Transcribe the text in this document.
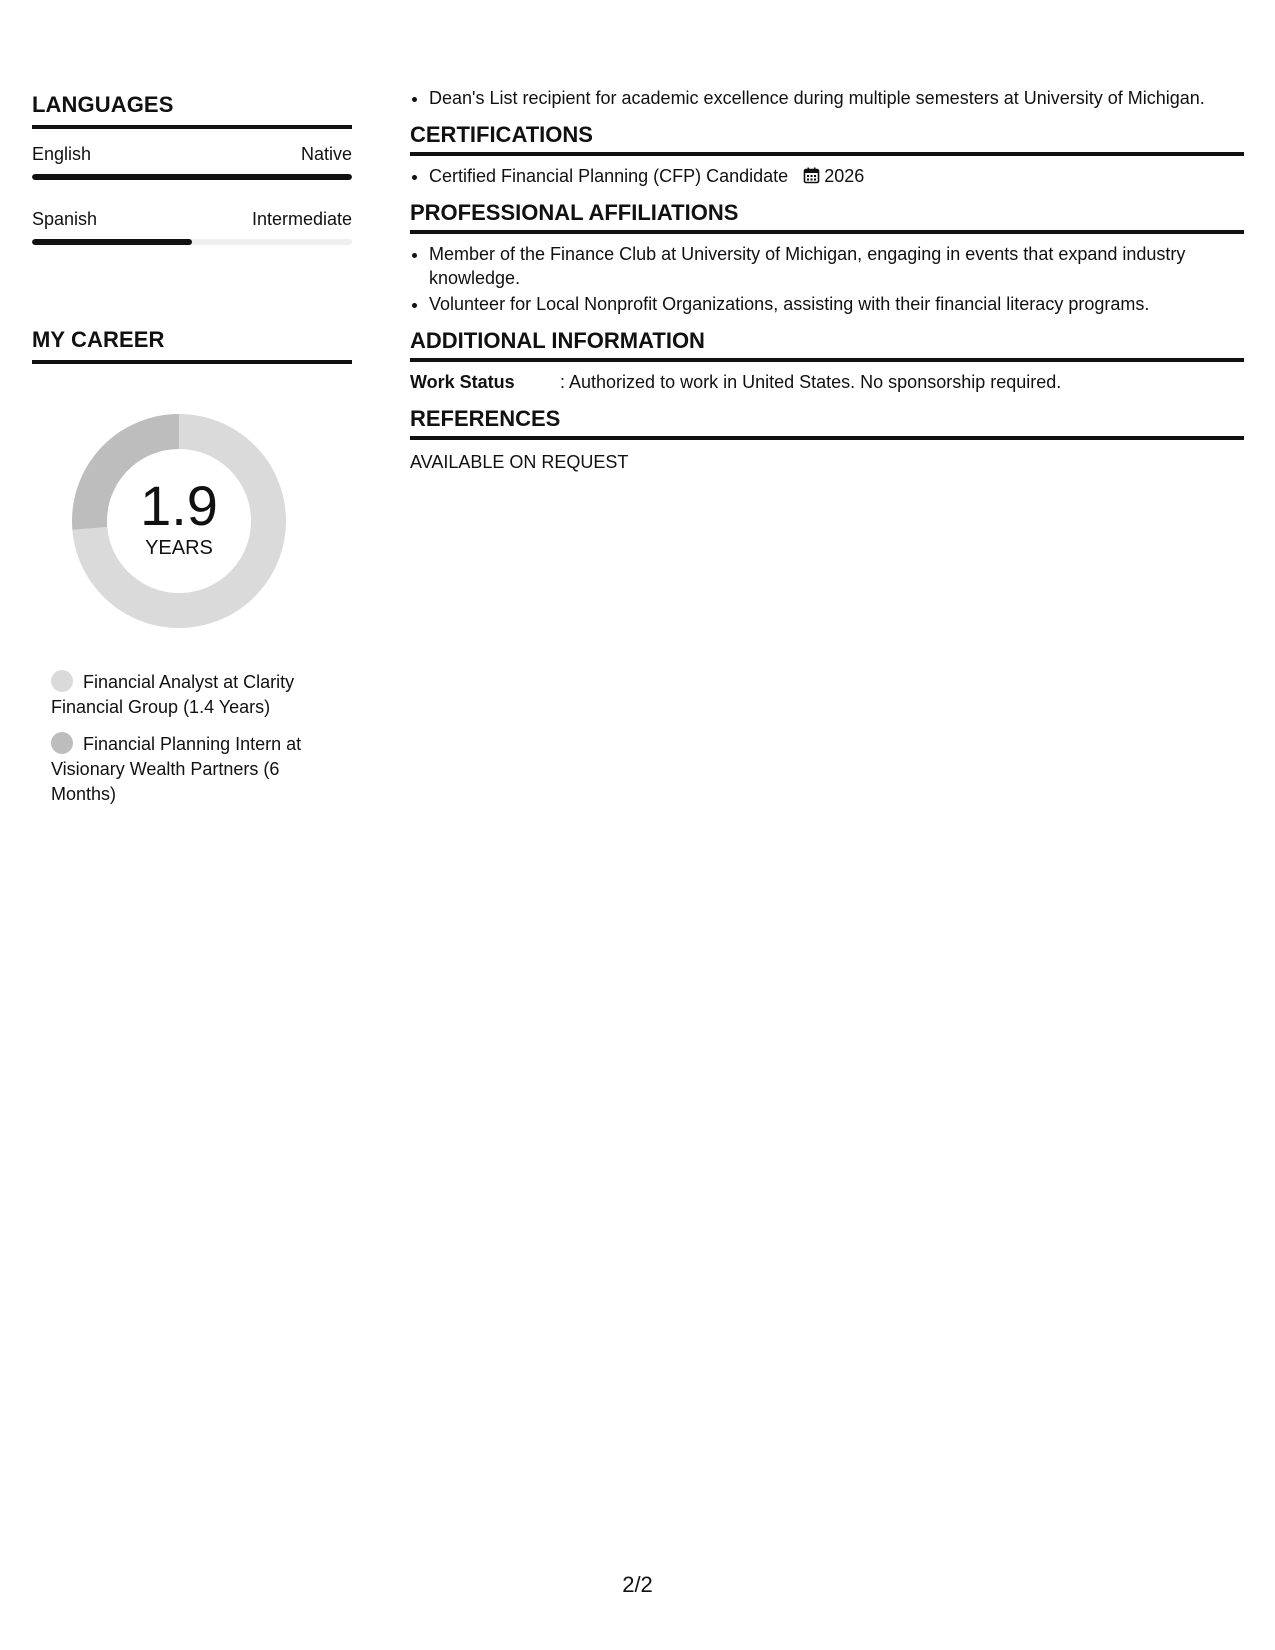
LANGUAGES
English	Native
Spanish	Intermediate
MY CAREER
1.9
YEARS
Financial Analyst at Clarity Financial Group (1.4 Years)
Financial Planning Intern at Visionary Wealth Partners (6 Months)
• Dean's List recipient for academic excellence during multiple semesters at University of Michigan.
CERTIFICATIONS
• Certified Financial Planning (CFP) Candidate 2026
PROFESSIONAL AFFILIATIONS
• Member of the Finance Club at University of Michigan, engaging in events that expand industry knowledge.
• Volunteer for Local Nonprofit Organizations, assisting with their financial literacy programs.
ADDITIONAL INFORMATION
Work Status	: Authorized to work in United States. No sponsorship required.
REFERENCES
AVAILABLE ON REQUEST
2/2
